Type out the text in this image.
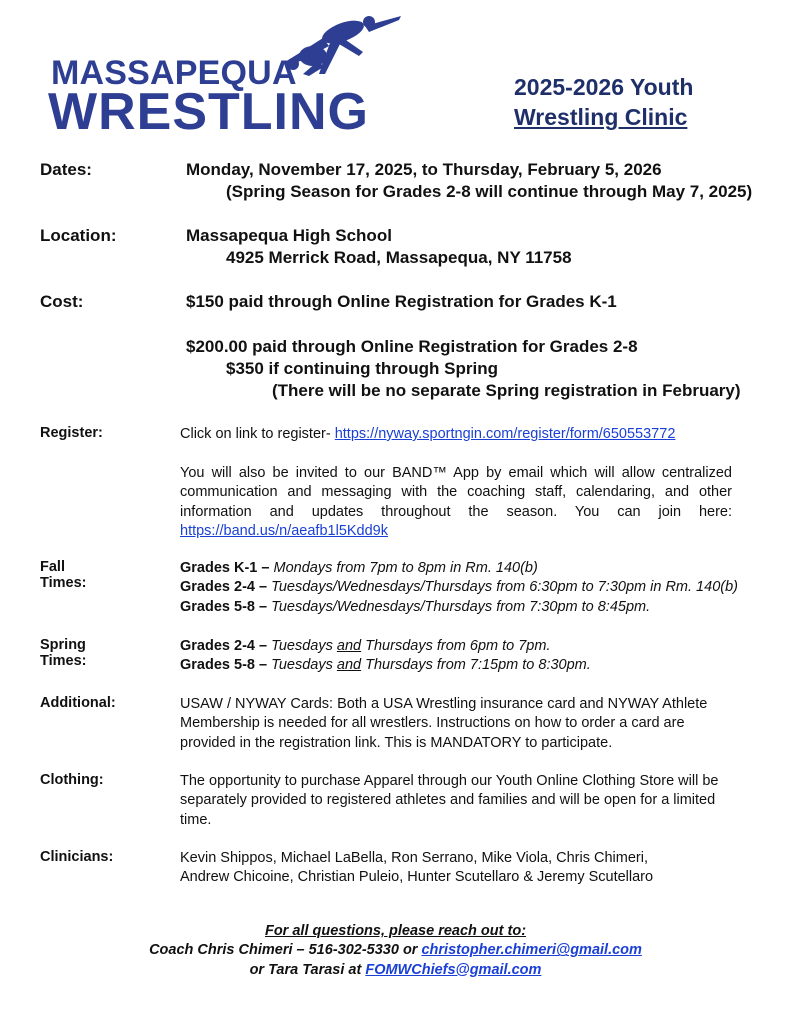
MASSAPEQUA
WRESTLING	2025-2026 Youth
Wrestling Clinic
Dates:	Monday, November 17, 2025, to Thursday, February 5, 2026
(Spring Season for Grades 2-8 will continue through May 7, 2025)
Location:	Massapequa High School
4925 Merrick Road, Massapequa, NY 11758
Cost:	$150 paid through Online Registration for Grades K-1
$200.00 paid through Online Registration for Grades 2-8
$350 if continuing through Spring
(There will be no separate Spring registration in February)
Register:	Click on link to register- https://nyway.sportngin.com/register/form/650553772
You will also be invited to our BAND™ App by email which will allow centralized communication and messaging with the coaching staff, calendaring, and other information and updates throughout the season. You can join here: https://band.us/n/aeafb1l5Kdd9k
Fall Times:
Grades K-1 – Mondays from 7pm to 8pm in Rm. 140(b)
Grades 2-4 – Tuesdays/Wednesdays/Thursdays from 6:30pm to 7:30pm in Rm. 140(b)
Grades 5-8 – Tuesdays/Wednesdays/Thursdays from 7:30pm to 8:45pm.
Spring Times:
Grades 2-4 – Tuesdays and Thursdays from 6pm to 7pm.
Grades 5-8 – Tuesdays and Thursdays from 7:15pm to 8:30pm.
Additional:	USAW / NYWAY Cards: Both a USA Wrestling insurance card and NYWAY Athlete Membership is needed for all wrestlers. Instructions on how to order a card are provided in the registration link. This is MANDATORY to participate.
Clothing:	The opportunity to purchase Apparel through our Youth Online Clothing Store will be separately provided to registered athletes and families and will be open for a limited time.
Clinicians:	Kevin Shippos, Michael LaBella, Ron Serrano, Mike Viola, Chris Chimeri,
Andrew Chicoine, Christian Puleio, Hunter Scutellaro & Jeremy Scutellaro
For all questions, please reach out to:
Coach Chris Chimeri – 516-302-5330 or christopher.chimeri@gmail.com
or Tara Tarasi at FOMWChiefs@gmail.com
